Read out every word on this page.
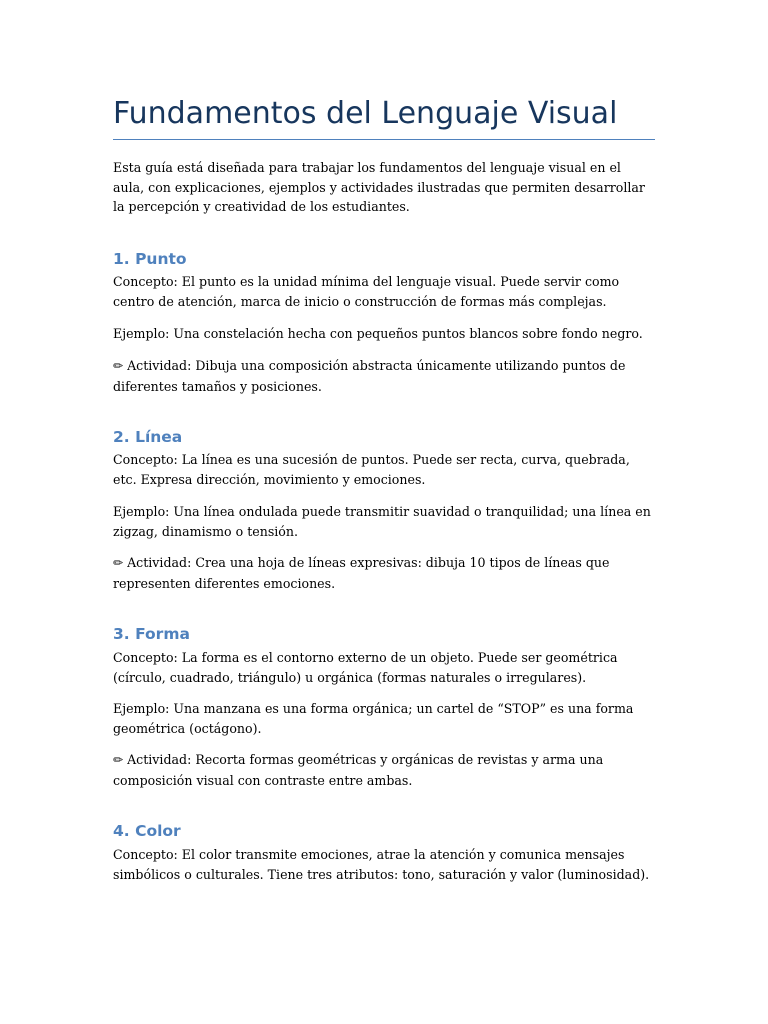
Fundamentos del Lenguaje Visual

Esta guía está diseñada para trabajar los fundamentos del lenguaje visual en el aula, con explicaciones, ejemplos y actividades ilustradas que permiten desarrollar la percepción y creatividad de los estudiantes.

1. Punto

Concepto: El punto es la unidad mínima del lenguaje visual. Puede servir como centro de atención, marca de inicio o construcción de formas más complejas.

Ejemplo: Una constelación hecha con pequeños puntos blancos sobre fondo negro.

✏ Actividad: Dibuja una composición abstracta únicamente utilizando puntos de diferentes tamaños y posiciones.

2. Línea

Concepto: La línea es una sucesión de puntos. Puede ser recta, curva, quebrada, etc. Expresa dirección, movimiento y emociones.

Ejemplo: Una línea ondulada puede transmitir suavidad o tranquilidad; una línea en zigzag, dinamismo o tensión.

✏ Actividad: Crea una hoja de líneas expresivas: dibuja 10 tipos de líneas que representen diferentes emociones.

3. Forma

Concepto: La forma es el contorno externo de un objeto. Puede ser geométrica (círculo, cuadrado, triángulo) u orgánica (formas naturales o irregulares).

Ejemplo: Una manzana es una forma orgánica; un cartel de “STOP” es una forma geométrica (octágono).

✏ Actividad: Recorta formas geométricas y orgánicas de revistas y arma una composición visual con contraste entre ambas.

4. Color

Concepto: El color transmite emociones, atrae la atención y comunica mensajes simbólicos o culturales. Tiene tres atributos: tono, saturación y valor (luminosidad).
